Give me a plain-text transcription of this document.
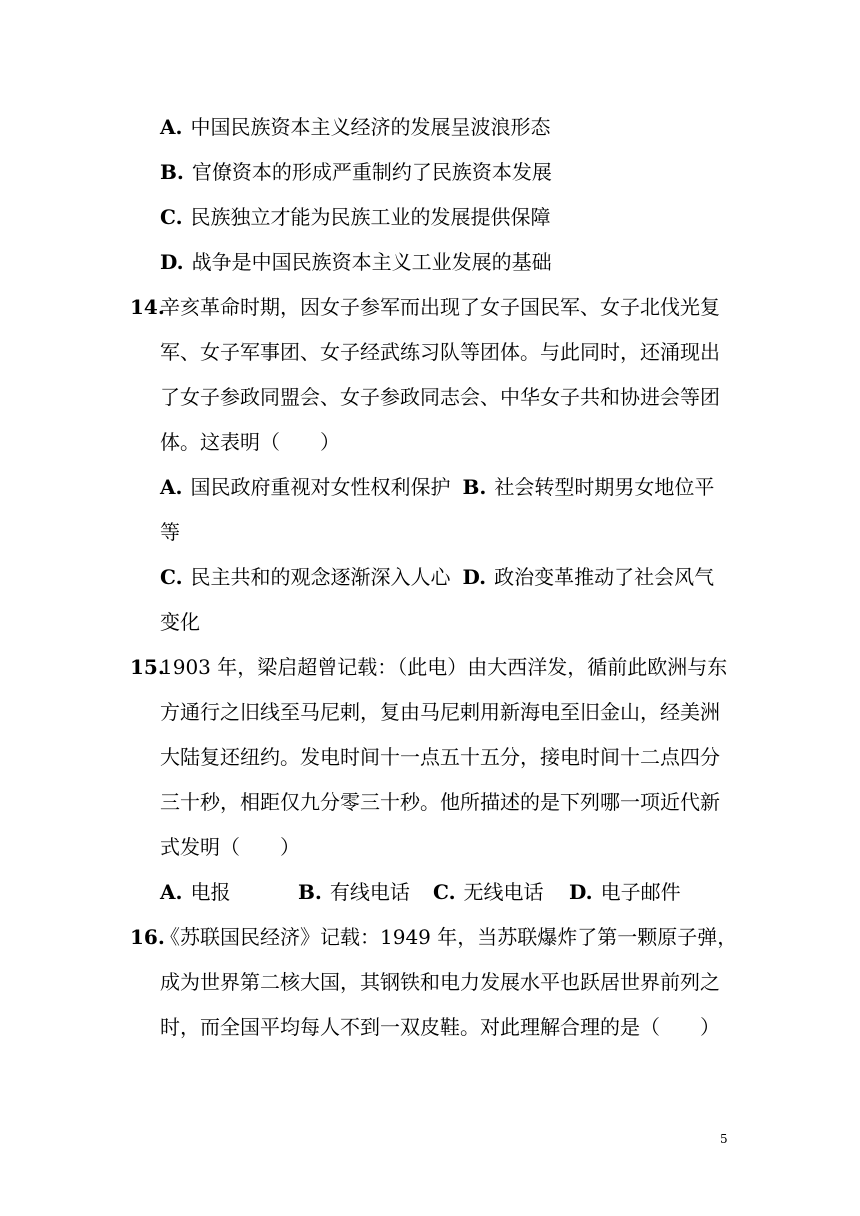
A. 中国民族资本主义经济的发展呈波浪形态
B. 官僚资本的形成严重制约了民族资本发展
C. 民族独立才能为民族工业的发展提供保障
D. 战争是中国民族资本主义工业发展的基础
14.
辛亥革命时期，因女子参军而出现了女子国民军、女子北伐光复
军、女子军事团、女子经武练习队等团体。与此同时，还涌现出
了女子参政同盟会、女子参政同志会、中华女子共和协进会等团
体。这表明（　　）
A. 国民政府重视对女性权利保护 B. 社会转型时期男女地位平
等
C. 民主共和的观念逐渐深入人心 D. 政治变革推动了社会风气
变化
15.
1903 年，梁启超曾记载：（此电）由大西洋发，循前此欧洲与东
方通行之旧线至马尼剌，复由马尼剌用新海电至旧金山，经美洲
大陆复还纽约。发电时间十一点五十五分，接电时间十二点四分
三十秒，相距仅九分零三十秒。他所描述的是下列哪一项近代新
式发明（　　）
A. 电报	B. 有线电话 C. 无线电话 D. 电子邮件
16.
《苏联国民经济》记载：1949 年，当苏联爆炸了第一颗原子弹，
成为世界第二核大国，其钢铁和电力发展水平也跃居世界前列之
时，而全国平均每人不到一双皮鞋。对此理解合理的是（　　）
5
